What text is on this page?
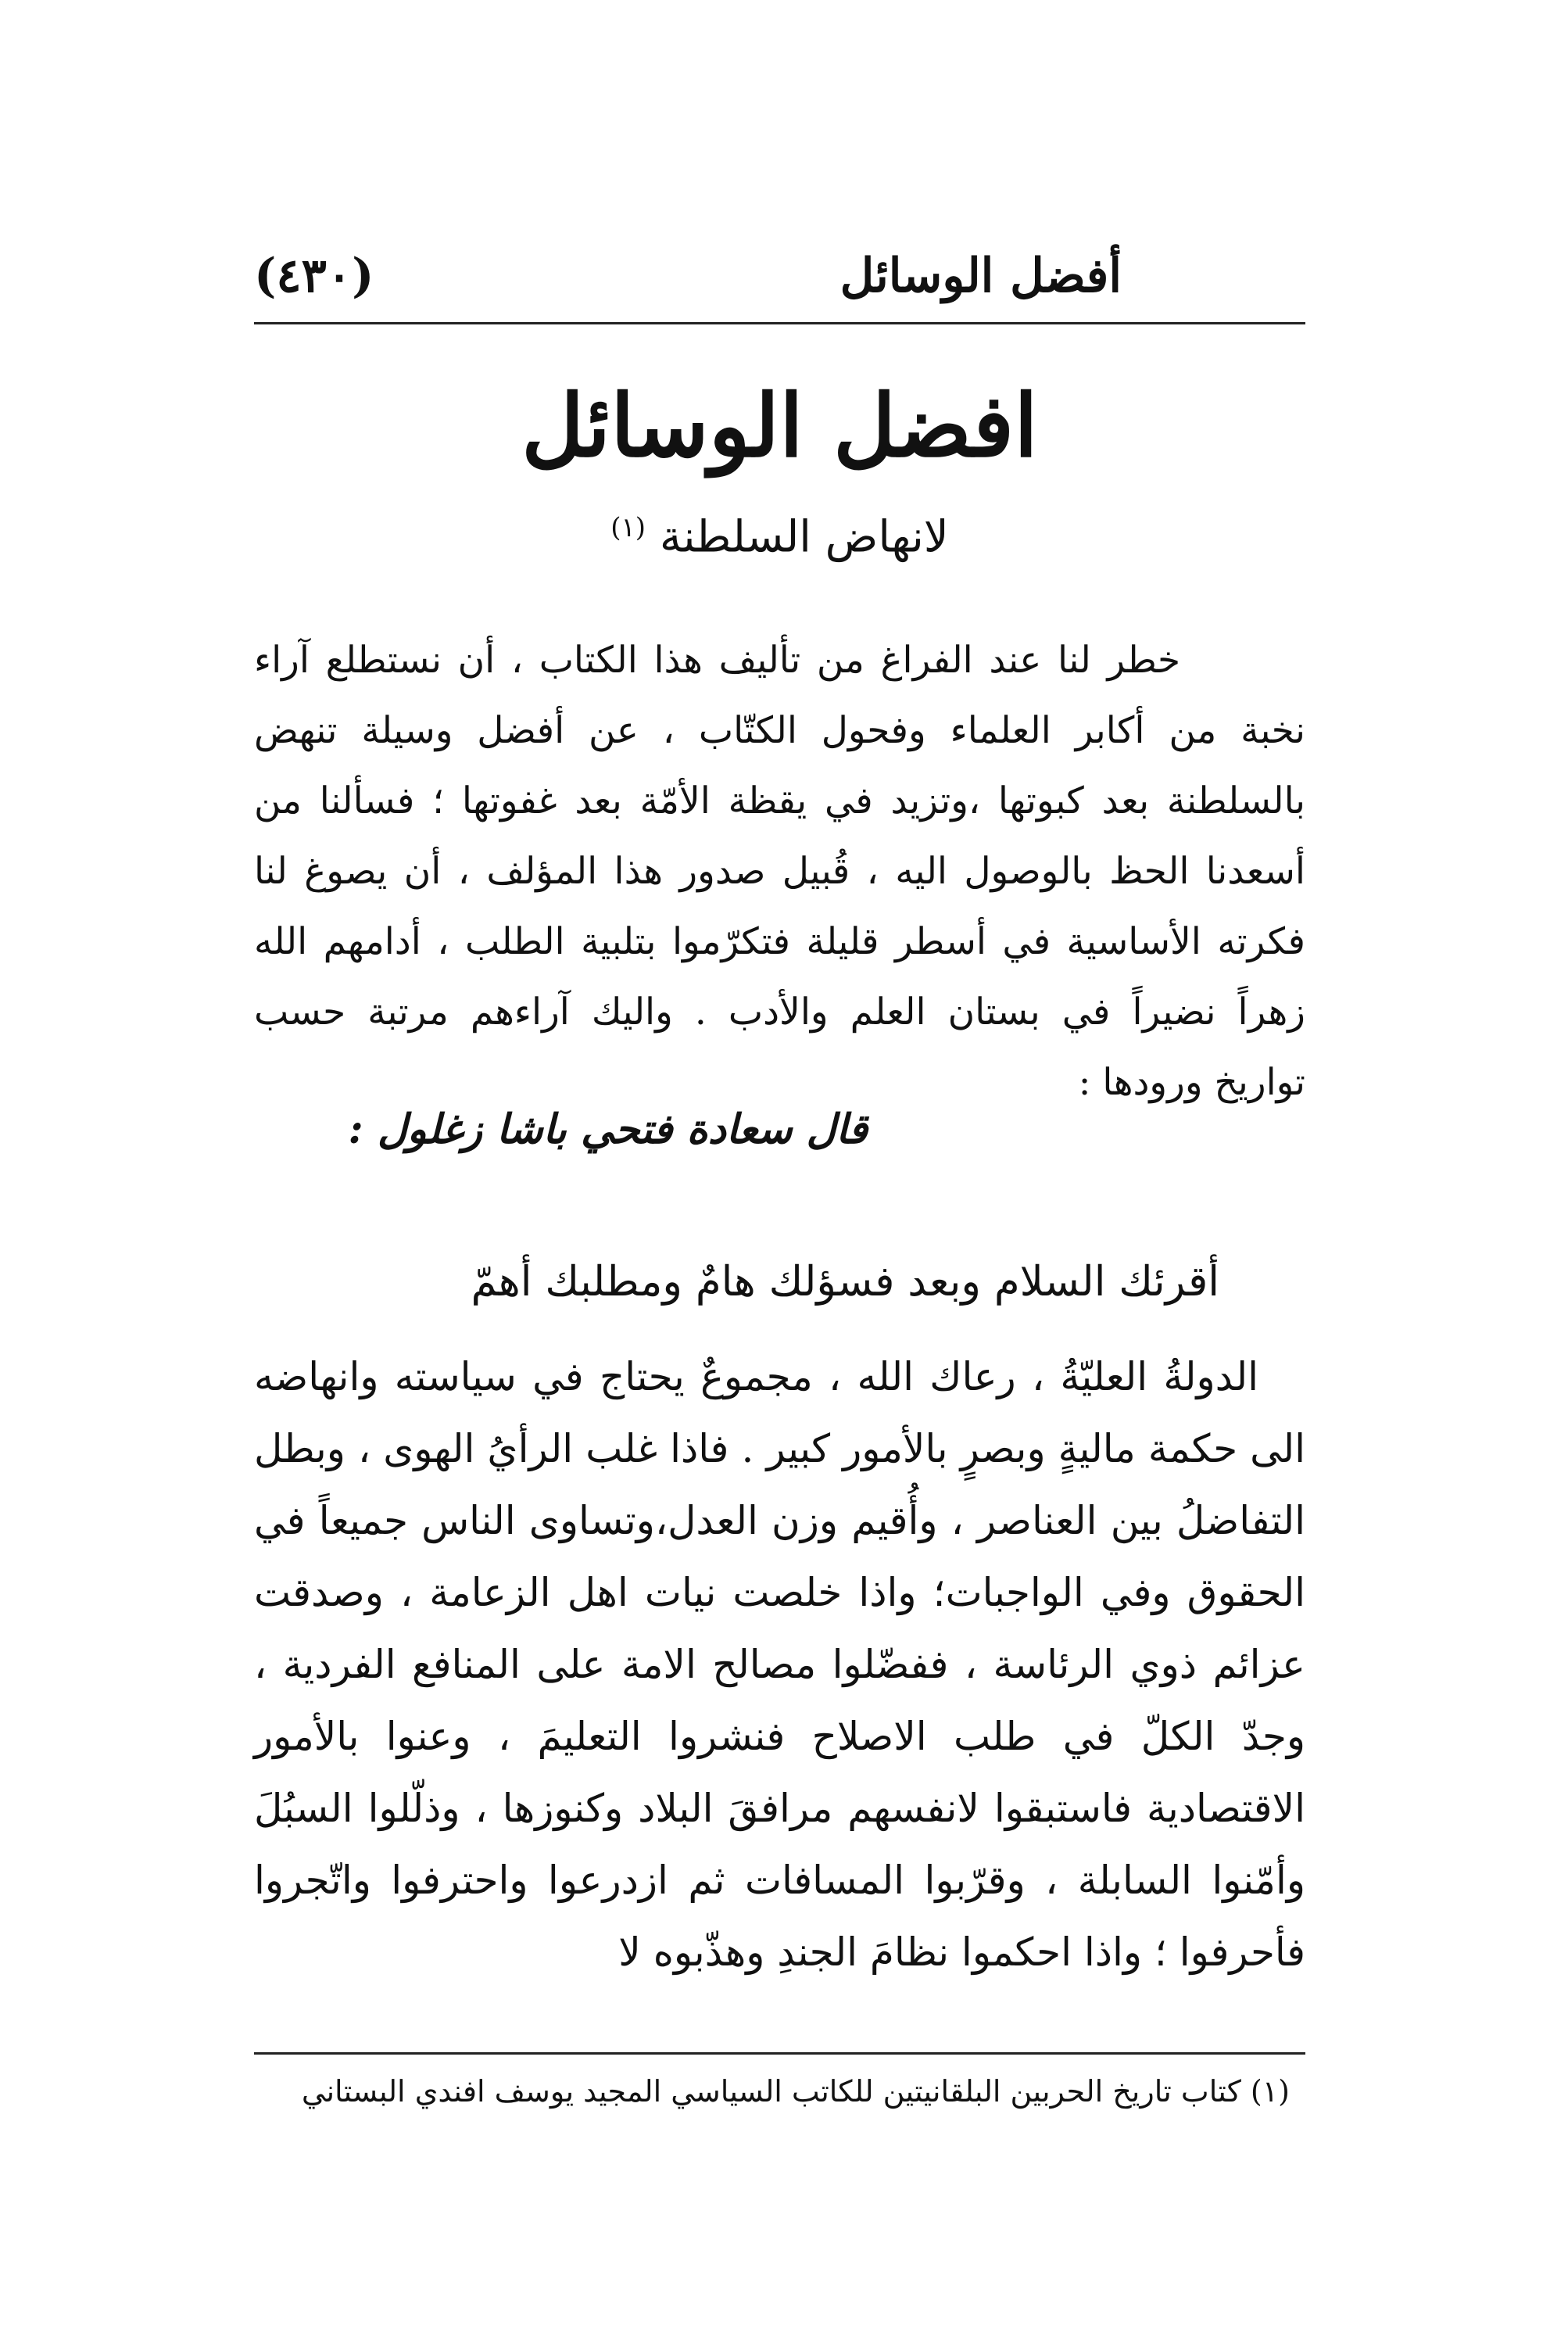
أفضل الوسائل
(٤٣٠)
افضل الوسائل
لانهاض السلطنة $^{(١)}$
خطر لنا عند الفراغ من تأليف هذا الكتاب ، أن نستطلع آراء نخبة من أكابر العلماء وفحول الكتّاب ، عن أفضل وسيلة تنهض بالسلطنة بعد كبوتها ،وتزيد في يقظة الأمّة بعد غفوتها ؛ فسألنا من أسعدنا الحظ بالوصول اليه ، قُبيل صدور هذا المؤلف ، أن يصوغ لنا فكرته الأساسية في أسطر قليلة فتكرّموا بتلبية الطلب ، أدامهم الله زهراً نضيراً في بستان العلم والأدب . واليك آراءهم مرتبة حسب تواريخ ورودها :
قال سعادة فتحي باشا زغلول :
أقرئك السلام وبعد فسؤلك هامٌ ومطلبك أهمّ
الدولةُ العليّةُ ، رعاك الله ، مجموعٌ يحتاج في سياسته وانهاضه الى حكمة ماليةٍ وبصرٍ بالأمور كبير . فاذا غلب الرأيُ الهوى ، وبطل التفاضلُ بين العناصر ، وأُقيم وزن العدل،وتساوى الناس جميعاً في الحقوق وفي الواجبات؛ واذا خلصت نيات اهل الزعامة ، وصدقت عزائم ذوي الرئاسة ، ففضّلوا مصالح الامة على المنافع الفردية ، وجدّ الكلّ في طلب الاصلاح فنشروا التعليمَ ، وعنوا بالأمور الاقتصادية فاستبقوا لانفسهم مرافقَ البلاد وكنوزها ، وذلّلوا السبُلَ وأمّنوا السابلة ، وقرّبوا المسافات ثم ازدرعوا واحترفوا واتّجروا فأحرفوا ؛ واذا احكموا نظامَ الجندِ وهذّبوه لا
(١) كتاب تاريخ الحربين البلقانيتين للكاتب السياسي المجيد يوسف افندي البستاني
